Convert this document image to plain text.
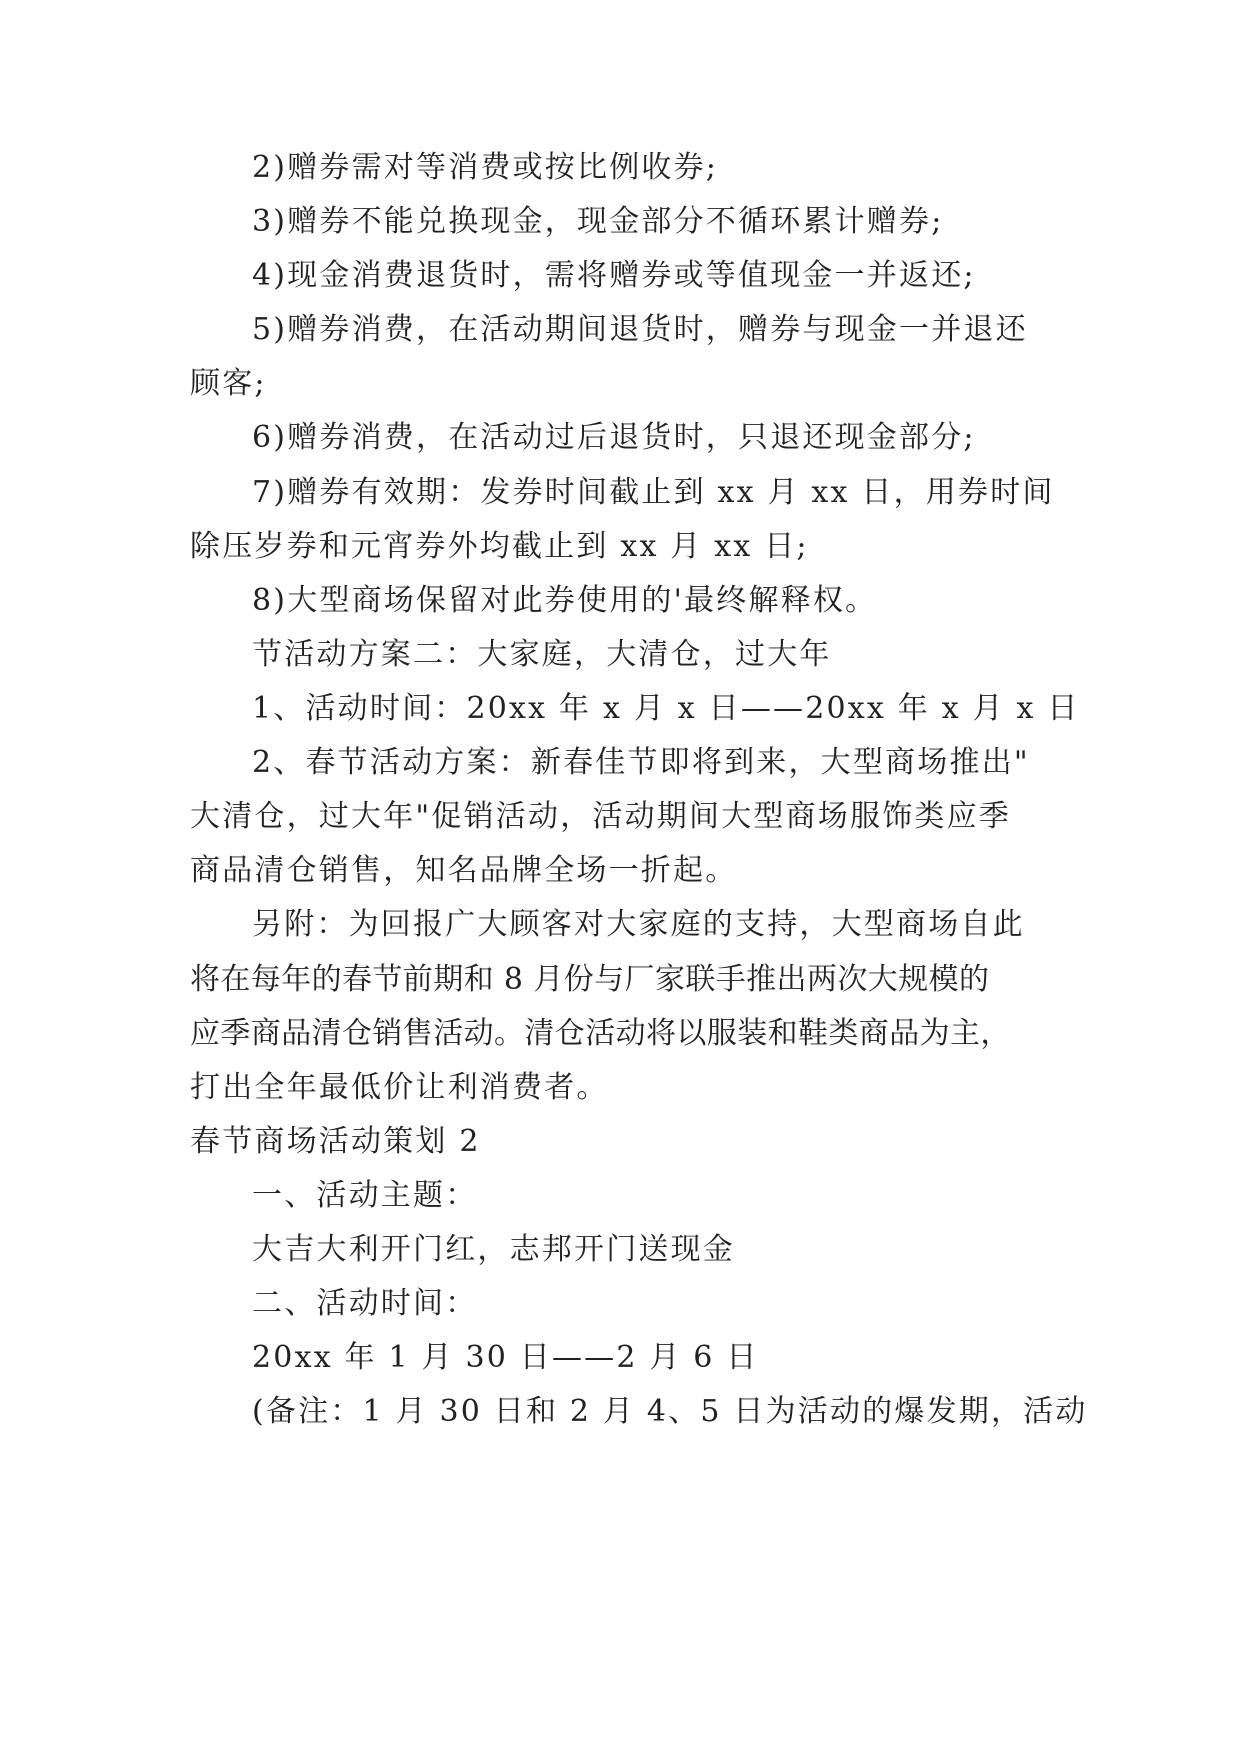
2)赠券需对等消费或按比例收券;
3)赠券不能兑换现金，现金部分不循环累计赠券;
4)现金消费退货时，需将赠券或等值现金一并返还;
5)赠券消费，在活动期间退货时，赠券与现金一并退还
顾客;
6)赠券消费，在活动过后退货时，只退还现金部分;
7)赠券有效期：发券时间截止到 xx 月 xx 日，用券时间
除压岁券和元宵券外均截止到 xx 月 xx 日;
8)大型商场保留对此券使用的'最终解释权。
节活动方案二：大家庭，大清仓，过大年
1、活动时间：20xx 年 x 月 x 日——20xx 年 x 月 x 日
2、春节活动方案：新春佳节即将到来，大型商场推出"
大清仓，过大年"促销活动，活动期间大型商场服饰类应季
商品清仓销售，知名品牌全场一折起。
另附：为回报广大顾客对大家庭的支持，大型商场自此
将在每年的春节前期和 8 月份与厂家联手推出两次大规模的
应季商品清仓销售活动。清仓活动将以服装和鞋类商品为主，
打出全年最低价让利消费者。
春节商场活动策划 2
一、活动主题：
大吉大利开门红，志邦开门送现金
二、活动时间：
20xx 年 1 月 30 日——2 月 6 日
(备注：1 月 30 日和 2 月 4、5 日为活动的爆发期，活动
